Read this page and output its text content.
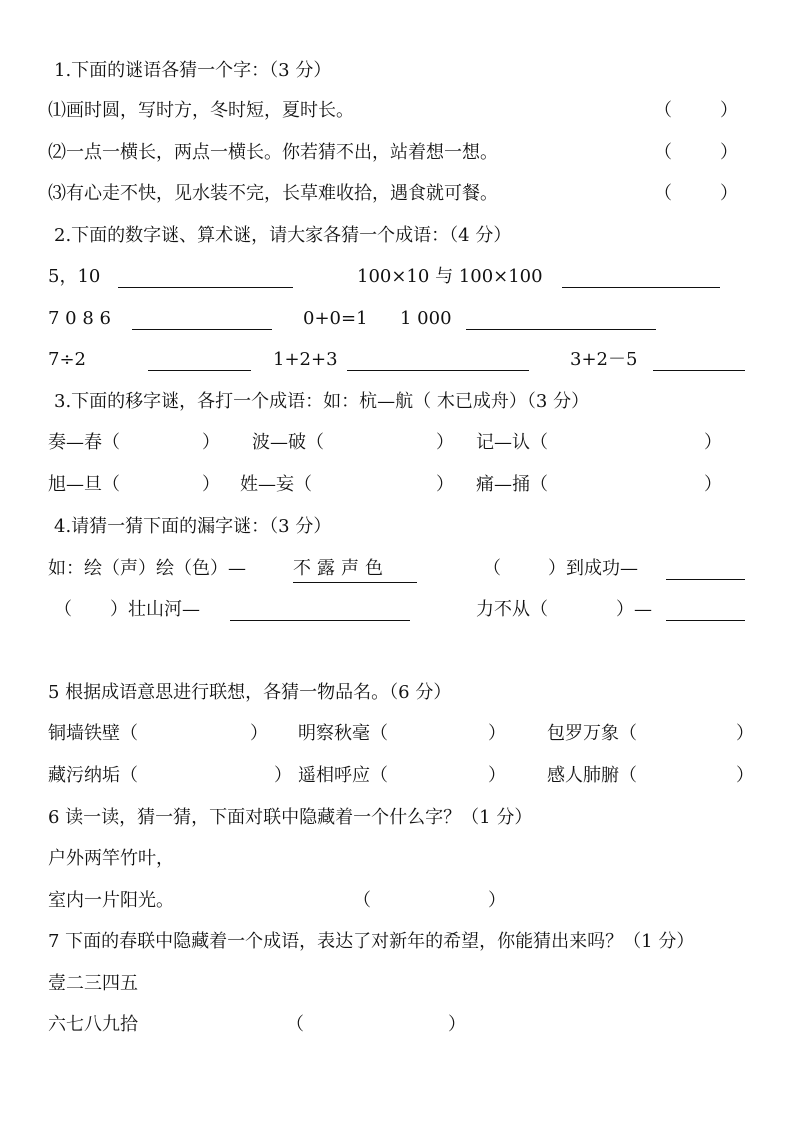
1.下面的谜语各猜一个字：（3 分）
⑴画时圆，写时方，冬时短，夏时长。	（	）
⑵一点一横长，两点一横长。你若猜不出，站着想一想。	（	）
⑶有心走不快，见水装不完，长草难收拾，遇食就可餐。	（	）
2.下面的数字谜、算术谜，请大家各猜一个成语：（4 分）
5，10	100×10 与 100×100
7 0 8 6	0+0=1 1 000
7÷2	1+2+3	3+2－5
3.下面的移字谜，各打一个成语：如：杭—航（ 木已成舟）（3 分）
奏—春（	） 波—破（	） 记—认（	）
旭—旦（	） 姓—妄（	） 痛—捅（	）
4.请猜一猜下面的漏字谜：（3 分）
如：绘（声）绘（色）—	不露声色	（	）到成功—
（ ）壮山河—	力不从（	）—
5 根据成语意思进行联想，各猜一物品名。（6 分）
铜墙铁壁（	） 明察秋毫（	） 包罗万象（	）
藏污纳垢（	） 遥相呼应（	） 感人肺腑（	）
6 读一读，猜一猜，下面对联中隐藏着一个什么字？（1 分）
户外两竿竹叶，
室内一片阳光。	（	）
7 下面的春联中隐藏着一个成语，表达了对新年的希望，你能猜出来吗？（1 分）
壹二三四五
六七八九拾	（	）
